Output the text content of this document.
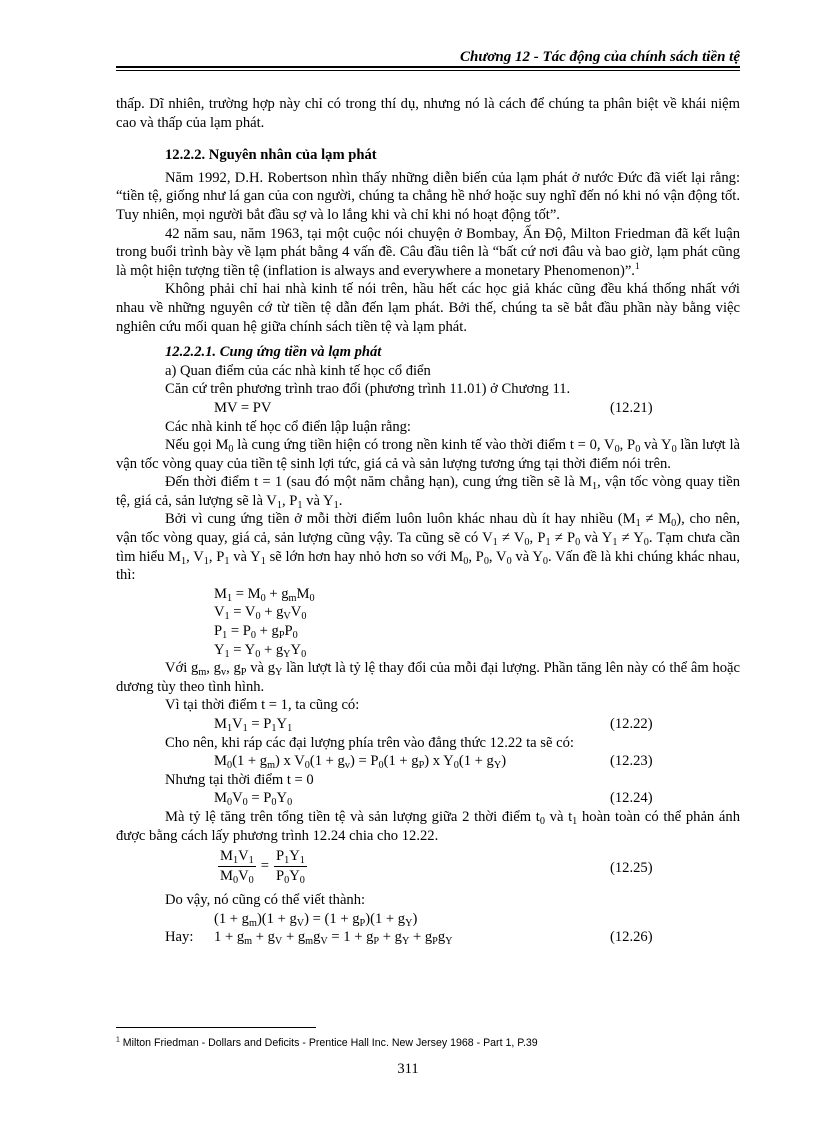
Chương 12 - Tác động của chính sách tiền tệ

thấp. Dĩ nhiên, trường hợp này chỉ có trong thí dụ, nhưng nó là cách để chúng ta phân biệt về khái niệm cao và thấp của lạm phát.

12.2.2. Nguyên nhân của lạm phát

Năm 1992, D.H. Robertson nhìn thấy những diễn biến của lạm phát ở nước Đức đã viết lại rằng: “tiền tệ, giống như lá gan của con người, chúng ta chẳng hề nhớ hoặc suy nghĩ đến nó khi nó vận động tốt. Tuy nhiên, mọi người bắt đầu sợ và lo lắng khi và chỉ khi nó hoạt động tốt”.

42 năm sau, năm 1963, tại một cuộc nói chuyện ở Bombay, Ấn Độ, Milton Friedman đã kết luận trong buổi trình bày về lạm phát bằng 4 vấn đề. Câu đầu tiên là “bất cứ nơi đâu và bao giờ, lạm phát cũng là một hiện tượng tiền tệ (inflation is always and everywhere a monetary Phenomenon)”.$^1$

Không phải chỉ hai nhà kinh tế nói trên, hầu hết các học giả khác cũng đều khá thống nhất với nhau về những nguyên cớ từ tiền tệ dẫn đến lạm phát. Bởi thế, chúng ta sẽ bắt đầu phần này bằng việc nghiên cứu mối quan hệ giữa chính sách tiền tệ và lạm phát.

12.2.2.1. Cung ứng tiền và lạm phát

a) Quan điểm của các nhà kinh tế học cổ điển

Căn cứ trên phương trình trao đổi (phương trình 11.01) ở Chương 11.

MV = PV	(12.21)

Các nhà kinh tế học cổ điển lập luận rằng:

Nếu gọi $M_0$ là cung ứng tiền hiện có trong nền kinh tế vào thời điểm t = 0, $V_0$, $P_0$ và $Y_0$ lần lượt là vận tốc vòng quay của tiền tệ sinh lợi tức, giá cả và sản lượng tương ứng tại thời điểm nói trên.

Đến thời điểm t = 1 (sau đó một năm chẳng hạn), cung ứng tiền sẽ là $M_1$, vận tốc vòng quay tiền tệ, giá cả, sản lượng sẽ là $V_1$, $P_1$ và $Y_1$.

Bởi vì cung ứng tiền ở mỗi thời điểm luôn luôn khác nhau dù ít hay nhiều $(M_1 \ne M_0)$, cho nên, vận tốc vòng quay, giá cả, sản lượng cũng vậy. Ta cũng sẽ có $V_1 \ne V_0$, $P_1 \ne P_0$ và $Y_1 \ne Y_0$. Tạm chưa cần tìm hiểu $M_1$, $V_1$, $P_1$ và $Y_1$ sẽ lớn hơn hay nhỏ hơn so với $M_0$, $P_0$, $V_0$ và $Y_0$. Vấn đề là khi chúng khác nhau, thì:

$M_1 = M_0 + g_mM_0$
$V_1 = V_0 + g_VV_0$
$P_1 = P_0 + g_PP_0$
$Y_1 = Y_0 + g_YY_0$

Với $g_m$, $g_v$, $g_P$ và $g_Y$ lần lượt là tỷ lệ thay đổi của mỗi đại lượng. Phần tăng lên này có thể âm hoặc dương tùy theo tình hình.

Vì tại thời điểm t = 1, ta cũng có:

$M_1V_1 = P_1Y_1$	(12.22)

Cho nên, khi ráp các đại lượng phía trên vào đẳng thức 12.22 ta sẽ có:

$M_0(1 + g_m)$ x $V_0(1 + g_v) = P_0(1 + g_P)$ x $Y_0(1 + g_Y)$	(12.23)

Nhưng tại thời điểm t = 0

$M_0V_0 = P_0Y_0$	(12.24)

Mà tỷ lệ tăng trên tổng tiền tệ và sản lượng giữa 2 thời điểm $t_0$ và $t_1$ hoàn toàn có thể phản ánh được bằng cách lấy phương trình 12.24 chia cho 12.22.

$\frac{M_1V_1}{M_0V_0} = \frac{P_1Y_1}{P_0Y_0}$	(12.25)

Do vậy, nó cũng có thể viết thành:

$(1 + g_m)(1 + g_V) = (1 + g_P)(1 + g_Y)$
Hay: $1 + g_m + g_V + g_mg_V = 1 + g_P + g_Y + g_Pg_Y$	(12.26)
$^1$ Milton Friedman - Dollars and Deficits - Prentice Hall Inc. New Jersey 1968 - Part 1, P.39
311
